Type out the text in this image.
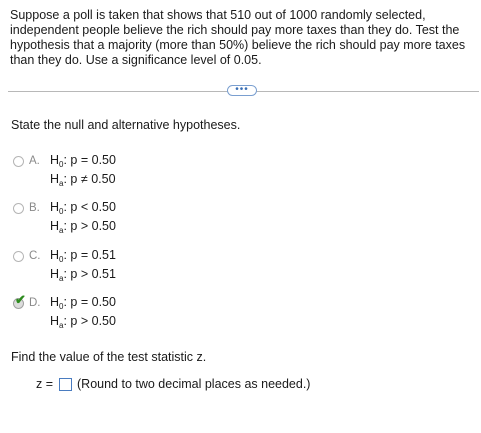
Suppose a poll is taken that shows that 510 out of 1000 randomly selected, independent people believe the rich should pay more taxes than they do. Test the hypothesis that a majority (more than 50%) believe the rich should pay more taxes than they do. Use a significance level of 0.05.
•••
State the null and alternative hypotheses.
A. $H_0$: p = 0.50
$H_a$: p ≠ 0.50
B. $H_0$: p < 0.50
$H_a$: p > 0.50
C. $H_0$: p = 0.51
$H_a$: p > 0.51
✔ D. $H_0$: p = 0.50
$H_a$: p > 0.50
Find the value of the test statistic z.
z = (Round to two decimal places as needed.)
